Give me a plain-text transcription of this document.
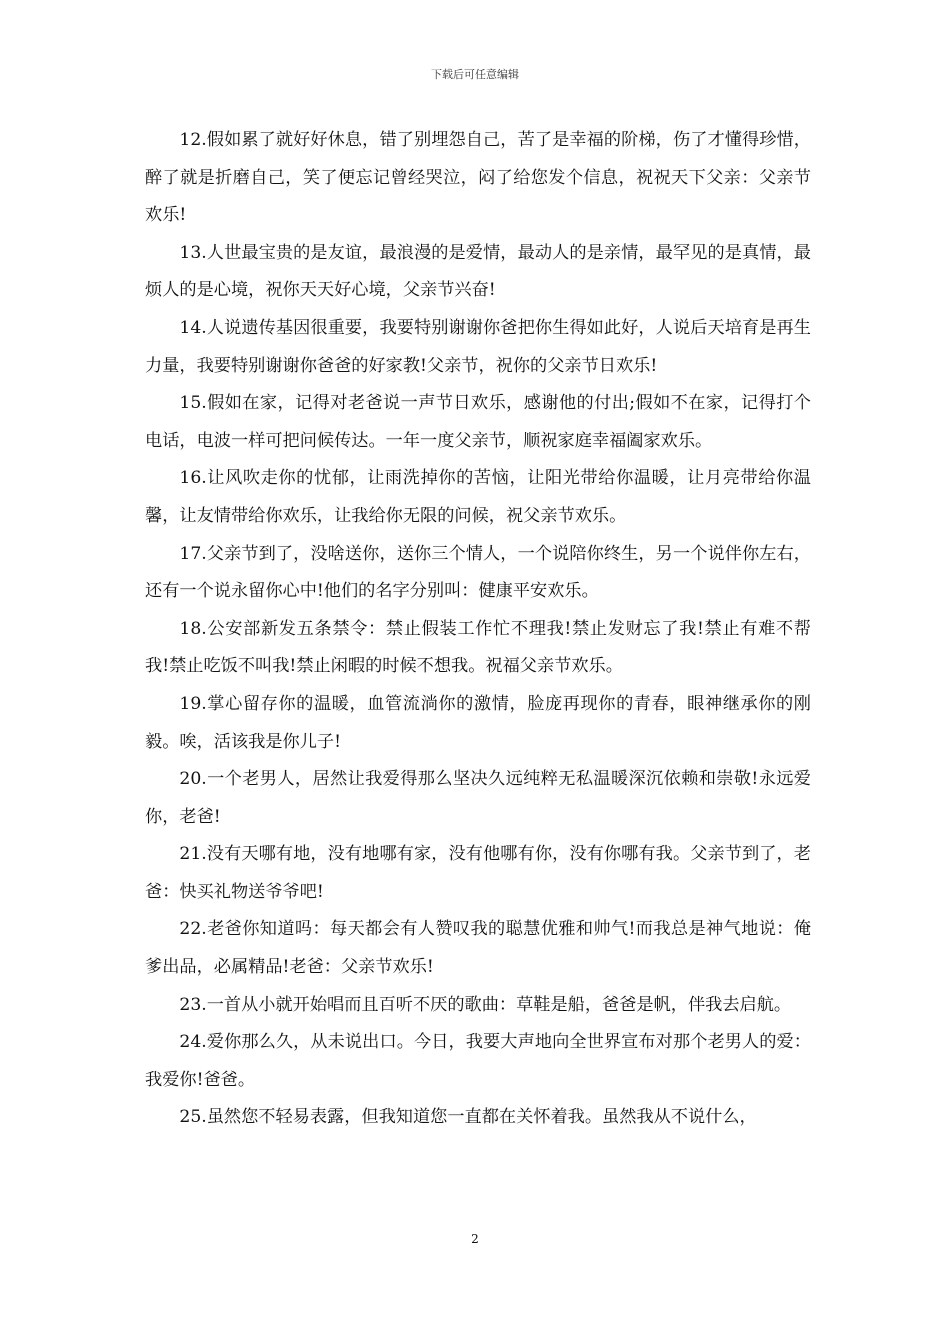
下载后可任意编辑

12.假如累了就好好休息，错了别埋怨自己，苦了是幸福的阶梯，伤了才懂得珍惜，醉了就是折磨自己，笑了便忘记曾经哭泣，闷了给您发个信息，祝祝天下父亲：父亲节欢乐!

13.人世最宝贵的是友谊，最浪漫的是爱情，最动人的是亲情，最罕见的是真情，最烦人的是心境，祝你天天好心境，父亲节兴奋!

14.人说遗传基因很重要，我要特别谢谢你爸把你生得如此好，人说后天培育是再生力量，我要特别谢谢你爸爸的好家教!父亲节，祝你的父亲节日欢乐!

15.假如在家，记得对老爸说一声节日欢乐，感谢他的付出;假如不在家，记得打个电话，电波一样可把问候传达。一年一度父亲节，顺祝家庭幸福阖家欢乐。

16.让风吹走你的忧郁，让雨洗掉你的苦恼，让阳光带给你温暖，让月亮带给你温馨，让友情带给你欢乐，让我给你无限的问候，祝父亲节欢乐。

17.父亲节到了，没啥送你，送你三个情人，一个说陪你终生，另一个说伴你左右，还有一个说永留你心中!他们的名字分别叫：健康平安欢乐。

18.公安部新发五条禁令：禁止假装工作忙不理我!禁止发财忘了我!禁止有难不帮我!禁止吃饭不叫我!禁止闲暇的时候不想我。祝福父亲节欢乐。

19.掌心留存你的温暖，血管流淌你的激情，脸庞再现你的青春，眼神继承你的刚毅。唉，活该我是你儿子!

20.一个老男人，居然让我爱得那么坚决久远纯粹无私温暖深沉依赖和崇敬!永远爱你，老爸!

21.没有天哪有地，没有地哪有家，没有他哪有你，没有你哪有我。父亲节到了，老爸：快买礼物送爷爷吧!

22.老爸你知道吗：每天都会有人赞叹我的聪慧优雅和帅气!而我总是神气地说：俺爹出品，必属精品!老爸：父亲节欢乐!

23.一首从小就开始唱而且百听不厌的歌曲：草鞋是船，爸爸是帆，伴我去启航。

24.爱你那么久，从未说出口。今日，我要大声地向全世界宣布对那个老男人的爱：我爱你!爸爸。

25.虽然您不轻易表露，但我知道您一直都在关怀着我。虽然我从不说什么，

2
